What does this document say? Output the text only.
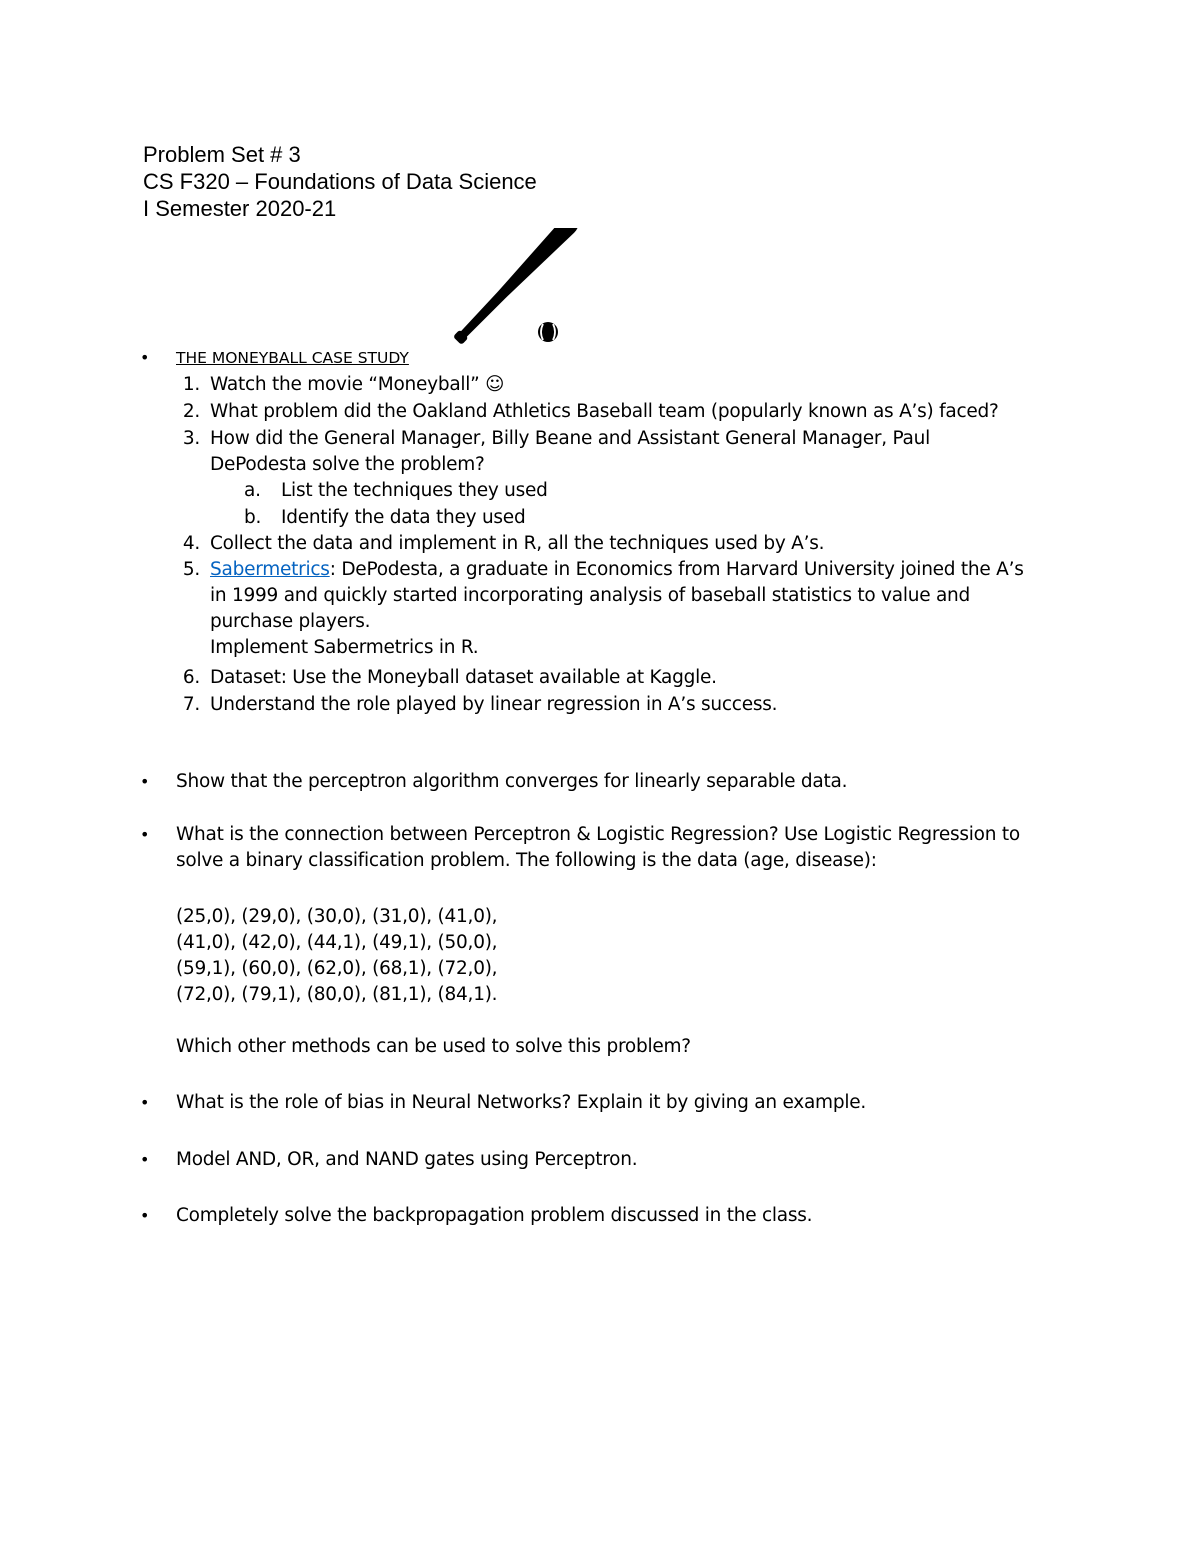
Problem Set # 3
CS F320 – Foundations of Data Science
I Semester 2020-21
• THE MONEYBALL CASE STUDY
1. Watch the movie “Moneyball” ☺
2. What problem did the Oakland Athletics Baseball team (popularly known as A’s) faced?
3. How did the General Manager, Billy Beane and Assistant General Manager, Paul
DePodesta solve the problem?
a. List the techniques they used
b. Identify the data they used
4. Collect the data and implement in R, all the techniques used by A’s.
5. Sabermetrics: DePodesta, a graduate in Economics from Harvard University joined the A’s
in 1999 and quickly started incorporating analysis of baseball statistics to value and
purchase players.
Implement Sabermetrics in R.
6. Dataset: Use the Moneyball dataset available at Kaggle.
7. Understand the role played by linear regression in A’s success.
• Show that the perceptron algorithm converges for linearly separable data.
• What is the connection between Perceptron & Logistic Regression? Use Logistic Regression to
solve a binary classification problem. The following is the data (age, disease):
(25,0), (29,0), (30,0), (31,0), (41,0),
(41,0), (42,0), (44,1), (49,1), (50,0),
(59,1), (60,0), (62,0), (68,1), (72,0),
(72,0), (79,1), (80,0), (81,1), (84,1).
Which other methods can be used to solve this problem?
• What is the role of bias in Neural Networks? Explain it by giving an example.
• Model AND, OR, and NAND gates using Perceptron.
• Completely solve the backpropagation problem discussed in the class.
